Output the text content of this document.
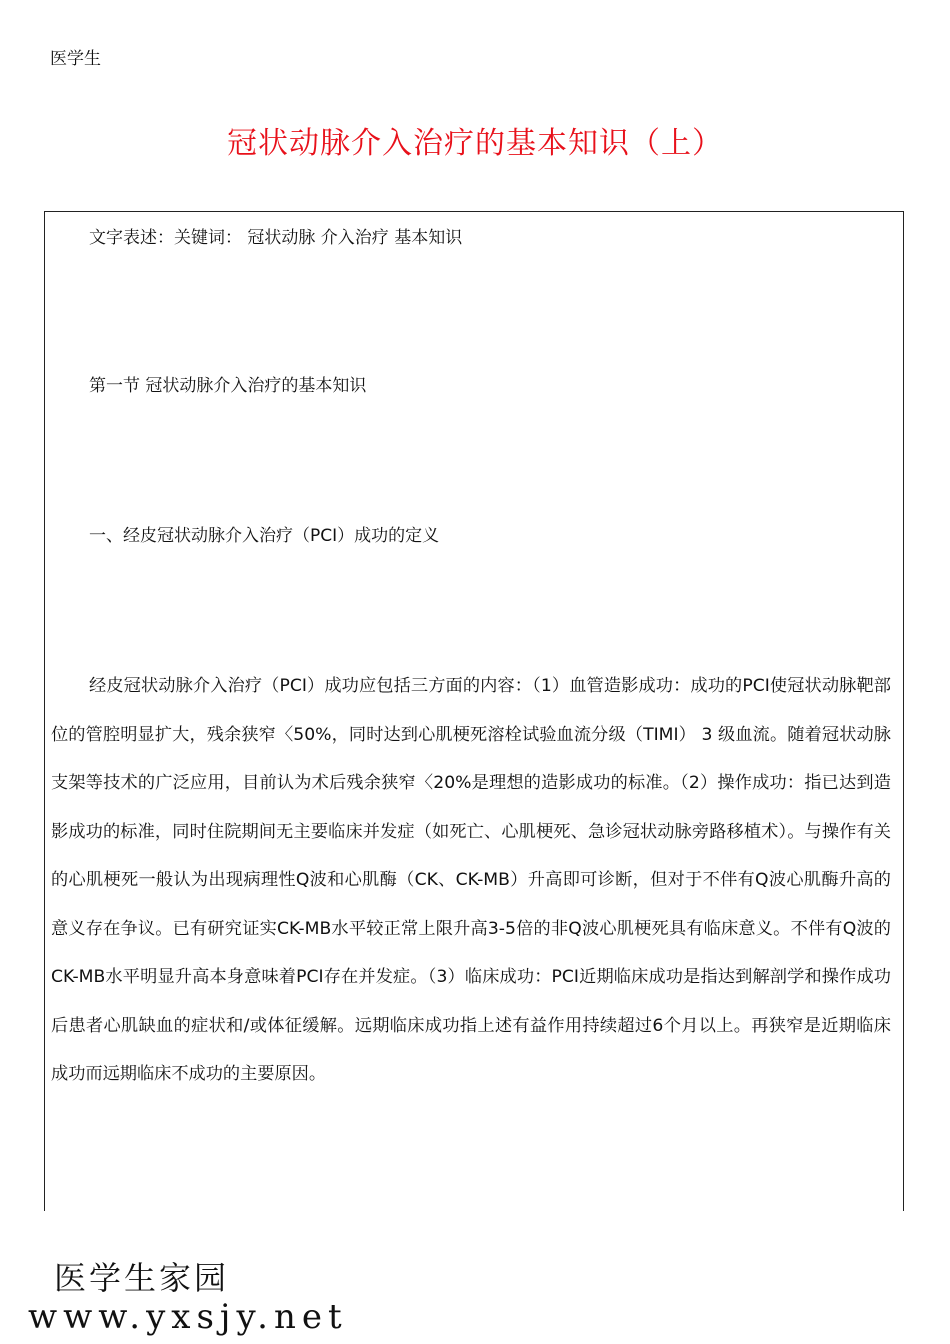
医学生
冠状动脉介入治疗的基本知识（上）
文字表述：关键词： 冠状动脉 介入治疗 基本知识
第一节 冠状动脉介入治疗的基本知识
一、经皮冠状动脉介入治疗（PCI）成功的定义

经皮冠状动脉介入治疗（PCI）成功应包括三方面的内容：（1）血管造影成功：成功的PCI使冠状动脉靶部位的管腔明显扩大，残余狭窄〈50%，同时达到心肌梗死溶栓试验血流分级（TIMI） 3 级血流。随着冠状动脉支架等技术的广泛应用，目前认为术后残余狭窄〈20%是理想的造影成功的标准。（2）操作成功：指已达到造影成功的标准，同时住院期间无主要临床并发症（如死亡、心肌梗死、急诊冠状动脉旁路移植术）。与操作有关的心肌梗死一般认为出现病理性Q波和心肌酶（CK、CK-MB）升高即可诊断，但对于不伴有Q波心肌酶升高的意义存在争议。已有研究证实CK-MB水平较正常上限升高3-5倍的非Q波心肌梗死具有临床意义。不伴有Q波的CK-MB水平明显升高本身意味着PCI存在并发症。（3）临床成功：PCI近期临床成功是指达到解剖学和操作成功后患者心肌缺血的症状和/或体征缓解。远期临床成功指上述有益作用持续超过6个月以上。再狭窄是近期临床成功而远期临床不成功的主要原因。

医学生家园
www.yxsjy.net
